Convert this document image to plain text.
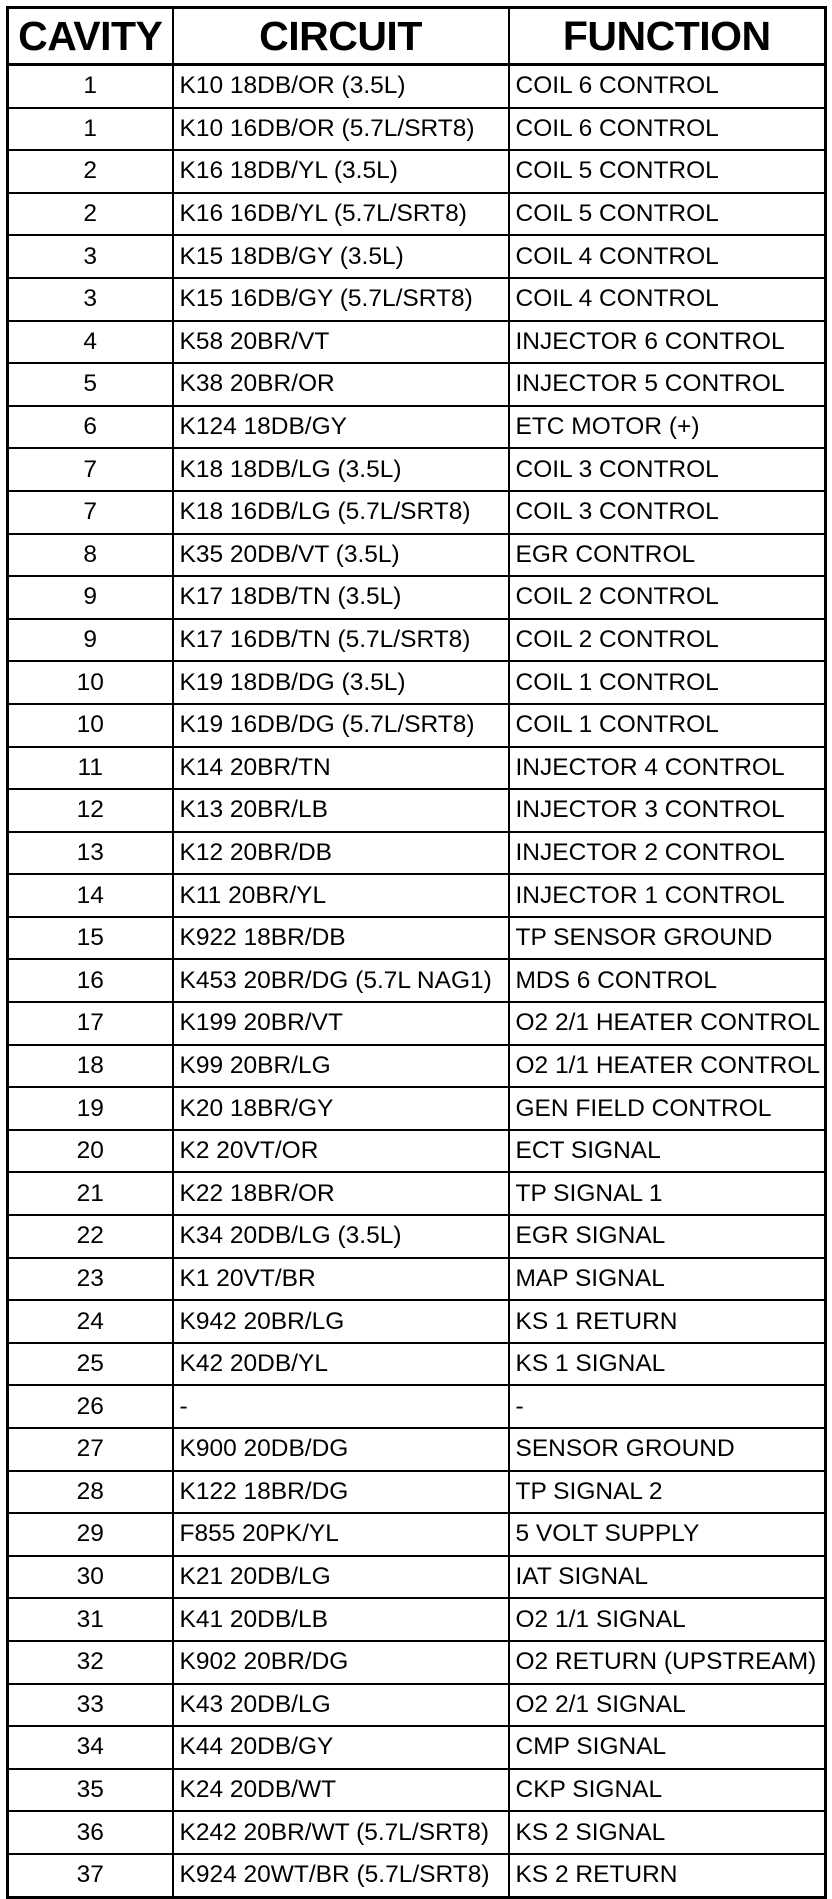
CAVITY	CIRCUIT	FUNCTION
1	K10 18DB/OR (3.5L)	COIL 6 CONTROL
1	K10 16DB/OR (5.7L/SRT8)	COIL 6 CONTROL
2	K16 18DB/YL (3.5L)	COIL 5 CONTROL
2	K16 16DB/YL (5.7L/SRT8)	COIL 5 CONTROL
3	K15 18DB/GY (3.5L)	COIL 4 CONTROL
3	K15 16DB/GY (5.7L/SRT8)	COIL 4 CONTROL
4	K58 20BR/VT	INJECTOR 6 CONTROL
5	K38 20BR/OR	INJECTOR 5 CONTROL
6	K124 18DB/GY	ETC MOTOR (+)
7	K18 18DB/LG (3.5L)	COIL 3 CONTROL
7	K18 16DB/LG (5.7L/SRT8)	COIL 3 CONTROL
8	K35 20DB/VT (3.5L)	EGR CONTROL
9	K17 18DB/TN (3.5L)	COIL 2 CONTROL
9	K17 16DB/TN (5.7L/SRT8)	COIL 2 CONTROL
10	K19 18DB/DG (3.5L)	COIL 1 CONTROL
10	K19 16DB/DG (5.7L/SRT8)	COIL 1 CONTROL
11	K14 20BR/TN	INJECTOR 4 CONTROL
12	K13 20BR/LB	INJECTOR 3 CONTROL
13	K12 20BR/DB	INJECTOR 2 CONTROL
14	K11 20BR/YL	INJECTOR 1 CONTROL
15	K922 18BR/DB	TP SENSOR GROUND
16	K453 20BR/DG (5.7L NAG1)	MDS 6 CONTROL
17	K199 20BR/VT	O2 2/1 HEATER CONTROL
18	K99 20BR/LG	O2 1/1 HEATER CONTROL
19	K20 18BR/GY	GEN FIELD CONTROL
20	K2 20VT/OR	ECT SIGNAL
21	K22 18BR/OR	TP SIGNAL 1
22	K34 20DB/LG (3.5L)	EGR SIGNAL
23	K1 20VT/BR	MAP SIGNAL
24	K942 20BR/LG	KS 1 RETURN
25	K42 20DB/YL	KS 1 SIGNAL
26	-	-
27	K900 20DB/DG	SENSOR GROUND
28	K122 18BR/DG	TP SIGNAL 2
29	F855 20PK/YL	5 VOLT SUPPLY
30	K21 20DB/LG	IAT SIGNAL
31	K41 20DB/LB	O2 1/1 SIGNAL
32	K902 20BR/DG	O2 RETURN (UPSTREAM)
33	K43 20DB/LG	O2 2/1 SIGNAL
34	K44 20DB/GY	CMP SIGNAL
35	K24 20DB/WT	CKP SIGNAL
36	K242 20BR/WT (5.7L/SRT8)	KS 2 SIGNAL
37	K924 20WT/BR (5.7L/SRT8)	KS 2 RETURN
